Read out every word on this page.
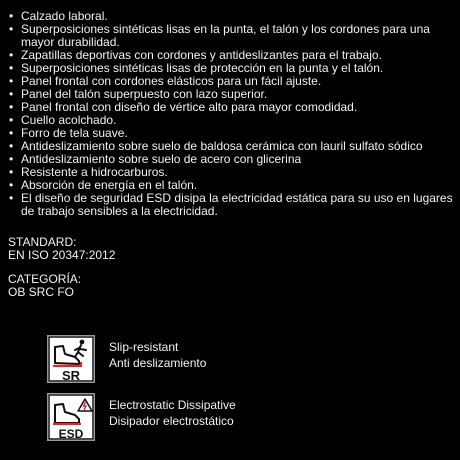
• Calzado laboral.
• Superposiciones sintéticas lisas en la punta, el talón y los cordones para una mayor durabilidad.
• Zapatillas deportivas con cordones y antideslizantes para el trabajo.
• Superposiciones sintéticas lisas de protección en la punta y el talón.
• Panel frontal con cordones elásticos para un fácil ajuste.
• Panel del talón superpuesto con lazo superior.
• Panel frontal con diseño de vértice alto para mayor comodidad.
• Cuello acolchado.
• Forro de tela suave.
• Antideslizamiento sobre suelo de baldosa cerámica con lauril sulfato sódico
• Antideslizamiento sobre suelo de acero con glicerina
• Resistente a hidrocarburos.
• Absorción de energía en el talón.
• El diseño de seguridad ESD disipa la electricidad estática para su uso en lugares de trabajo sensibles a la electricidad.
STANDARD:
EN ISO 20347:2012
CATEGORÍA:
OB SRC FO
SR
Slip-resistant
Anti deslizamiento
ESD
Electrostatic Dissipative
Disipador electrostático
